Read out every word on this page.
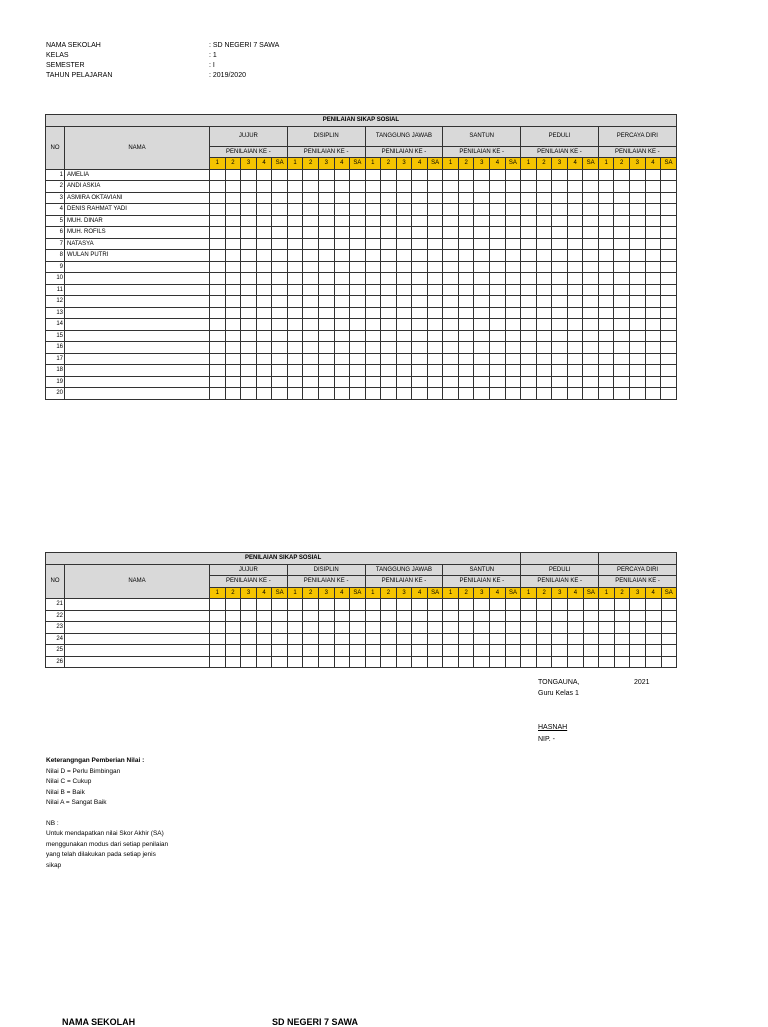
NAMA SEKOLAH	: SD NEGERI 7 SAWA
KELAS	: 1
SEMESTER	: I
TAHUN PELAJARAN	: 2019/2020
PENILAIAN SIKAP SOSIAL																															
NO	NAMA	JUJUR					DISIPLIN					TANGGUNG JAWAB					SANTUN					PEDULI					PERCAYA DIRI				
		PENILAIAN KE -					PENILAIAN KE -					PENILAIAN KE -					PENILAIAN KE -					PENILAIAN KE -					PENILAIAN KE -				
		1	2	3	4	SA	1	2	3	4	SA	1	2	3	4	SA	1	2	3	4	SA	1	2	3	4	SA	1	2	3	4	SA
1	AMELIA																														
2	ANDI ASKIA																														
3	ASMIRA OKTAVIANI																														
4	DENIS RAHMAT YADI																														
5	MUH. DINAR																														
6	MUH. ROFILS																														
7	NATASYA																														
8	WULAN PUTRI																														
9																															
10																															
11																															
12																															
13																															
14																															
15																															
16																															
17																															
18																															
19																															
20																															
PENILAIAN SIKAP SOSIAL																															
NO	NAMA	JUJUR					DISIPLIN					TANGGUNG JAWAB					SANTUN					PEDULI					PERCAYA DIRI				
		PENILAIAN KE -					PENILAIAN KE -					PENILAIAN KE -					PENILAIAN KE -					PENILAIAN KE -					PENILAIAN KE -				
		1	2	3	4	SA	1	2	3	4	SA	1	2	3	4	SA	1	2	3	4	SA	1	2	3	4	SA	1	2	3	4	SA
21																															
22																															
23																															
24																															
25																															
26																															
TONGAUNA,	2021
Guru Kelas 1
HASNAH
NIP. -
Keterangngan Pemberian Nilai :
Nilai D = Perlu Bimbingan
Nilai C = Cukup
Nilai B = Baik
Nilai A = Sangat Baik
NB :
Untuk mendapatkan nilai Skor Akhir (SA)
menggunakan modus dari setiap penilaian
yang telah dilakukan pada setiap jenis
sikap
NAMA SEKOLAH	SD NEGERI 7 SAWA
